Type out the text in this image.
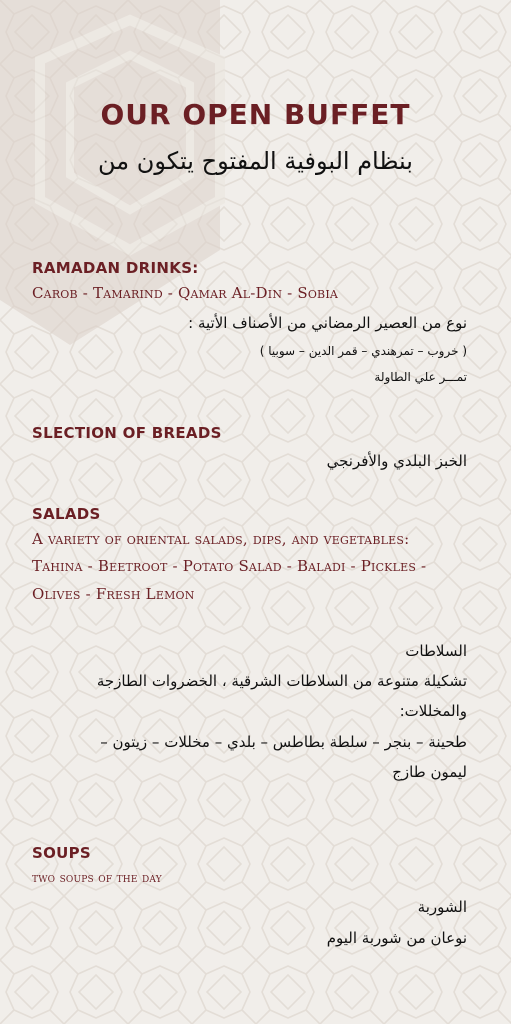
OUR OPEN BUFFET
بنظام البوفية المفتوح يتكون من
RAMADAN DRINKS:
Carob - Tamarind - Qamar Al-Din - Sobia
نوع من العصير الرمضاني من الأصناف الأتية :
( خروب – تمرهندي – قمر الدين – سوبيا )
تمـــر علي الطاولة
SLECTION OF BREADS
الخبز البلدي والأفرنجي
SALADS
A variety of oriental salads, dips, and vegetables:
Tahina - Beetroot - Potato Salad - Baladi - Pickles -
Olives - Fresh Lemon
السلاطات
تشكيلة متنوعة من السلاطات الشرقية ، الخضروات الطازجة
والمخللات:
طحينة – بنجر – سلطة بطاطس – بلدي – مخللات – زيتون –
ليمون طازج
SOUPS
two soups of the day
الشوربة
نوعان من شوربة اليوم
